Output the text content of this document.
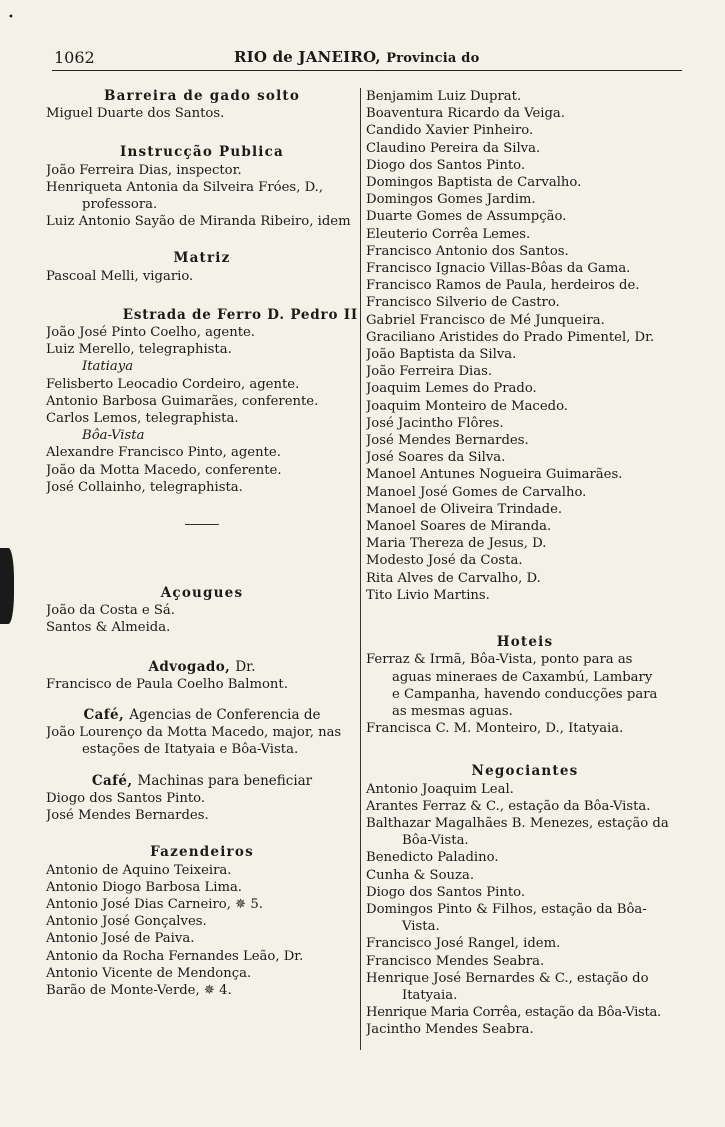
•
1062	RIO de JANEIRO, Provincia do
Barreira de gado solto
Miguel Duarte dos Santos.
Instrucção Publica
João Ferreira Dias, inspector.
Henriqueta Antonia da Silveira Fróes, D.,
professora.
Luiz Antonio Sayão de Miranda Ribeiro, idem
Matriz
Pascoal Melli, vigario.
Estrada de Ferro D. Pedro II
João José Pinto Coelho, agente.
Luiz Merello, telegraphista.
Itatiaya
Felisberto Leocadio Cordeiro, agente.
Antonio Barbosa Guimarães, conferente.
Carlos Lemos, telegraphista.
Bôa-Vista
Alexandre Francisco Pinto, agente.
João da Motta Macedo, conferente.
José Collainho, telegraphista.
Açougues
João da Costa e Sá.
Santos & Almeida.
Advogado, Dr.
Francisco de Paula Coelho Balmont.
Café, Agencias de Conferencia de
João Lourenço da Motta Macedo, major, nas
estações de Itatyaia e Bôa-Vista.
Café, Machinas para beneficiar
Diogo dos Santos Pinto.
José Mendes Bernardes.
Fazendeiros
Antonio de Aquino Teixeira.
Antonio Diogo Barbosa Lima.
Antonio José Dias Carneiro, ✵ 5.
Antonio José Gonçalves.
Antonio José de Paiva.
Antonio da Rocha Fernandes Leão, Dr.
Antonio Vicente de Mendonça.
Barão de Monte-Verde, ✵ 4.
Benjamim Luiz Duprat.
Boaventura Ricardo da Veiga.
Candido Xavier Pinheiro.
Claudino Pereira da Silva.
Diogo dos Santos Pinto.
Domingos Baptista de Carvalho.
Domingos Gomes Jardim.
Duarte Gomes de Assumpção.
Eleuterio Corrêa Lemes.
Francisco Antonio dos Santos.
Francisco Ignacio Villas-Bôas da Gama.
Francisco Ramos de Paula, herdeiros de.
Francisco Silverio de Castro.
Gabriel Francisco de Mé Junqueira.
Graciliano Aristides do Prado Pimentel, Dr.
João Baptista da Silva.
João Ferreira Dias.
Joaquim Lemes do Prado.
Joaquim Monteiro de Macedo.
José Jacintho Flôres.
José Mendes Bernardes.
José Soares da Silva.
Manoel Antunes Nogueira Guimarães.
Manoel José Gomes de Carvalho.
Manoel de Oliveira Trindade.
Manoel Soares de Miranda.
Maria Thereza de Jesus, D.
Modesto José da Costa.
Rita Alves de Carvalho, D.
Tito Livio Martins.
Hoteis
Ferraz & Irmã, Bôa-Vista, ponto para as
aguas mineraes de Caxambú, Lambary
e Campanha, havendo conducções para
as mesmas aguas.
Francisca C. M. Monteiro, D., Itatyaia.
Negociantes
Antonio Joaquim Leal.
Arantes Ferraz & C., estação da Bôa-Vista.
Balthazar Magalhães B. Menezes, estação da
Bôa-Vista.
Benedicto Paladino.
Cunha & Souza.
Diogo dos Santos Pinto.
Domingos Pinto & Filhos, estação da Bôa-
Vista.
Francisco José Rangel, idem.
Francisco Mendes Seabra.
Henrique José Bernardes & C., estação do
Itatyaia.
Henrique Maria Corrêa, estação da Bôa-Vista.
Jacintho Mendes Seabra.
